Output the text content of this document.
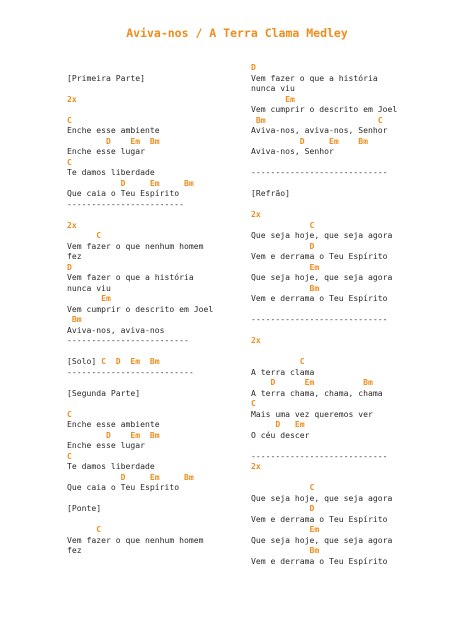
Aviva-nos / A Terra Clama Medley
[Primeira Parte]
2x
C
Enche esse ambiente
D    Em  Bm
Enche esse lugar
C
Te damos liberdade
D     Em     Bm
Que caia o Teu Espírito
------------------------
2x
C
Vem fazer o que nenhum homem
fez
D
Vem fazer o que a história
nunca viu
Em
Vem cumprir o descrito em Joel
Bm
Aviva-nos, aviva-nos
-------------------------
[Solo] C  D  Em  Bm
--------------------------
[Segunda Parte]
C
Enche esse ambiente
D    Em  Bm
Enche esse lugar
C
Te damos liberdade
D     Em     Bm
Que caia o Teu Espírito
[Ponte]
C
Vem fazer o que nenhum homem
fez
D
Vem fazer o que a história
nunca viu
Em
Vem cumprir o descrito em Joel
Bm                       C
Aviva-nos, aviva-nos, Senhor
D     Em    Bm
Aviva-nos, Senhor
----------------------------
[Refrão]
2x
C
Que seja hoje, que seja agora
D
Vem e derrama o Teu Espírito
Em
Que seja hoje, que seja agora
Bm
Vem e derrama o Teu Espírito
----------------------------
2x
C
A terra clama
D      Em          Bm
A terra chama, chama, chama
C
Mais uma vez queremos ver
D   Em
O céu descer
----------------------------
2x
C
Que seja hoje, que seja agora
D
Vem e derrama o Teu Espírito
Em
Que seja hoje, que seja agora
Bm
Vem e derrama o Teu Espírito
